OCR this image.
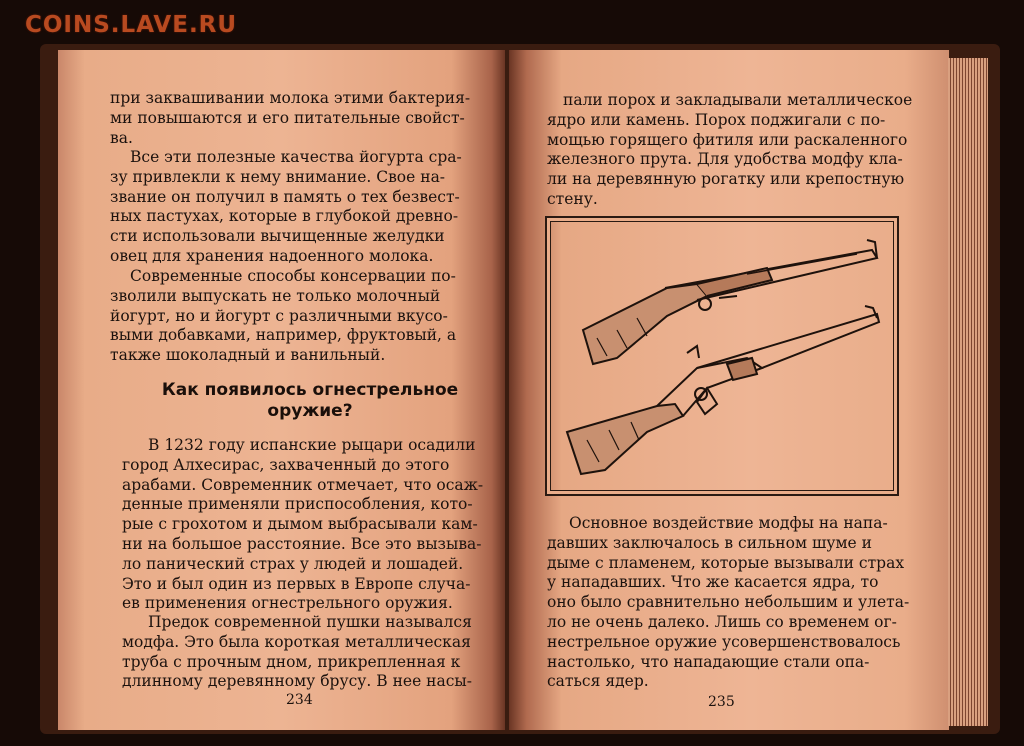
COINS.LAVE.RU
при заквашивании молока этими бактерия-
ми повышаются и его питательные свойст-
ва.
Все эти полезные качества йогурта сра-
зу привлекли к нему внимание. Свое на-
звание он получил в память о тех безвест-
ных пастухах, которые в глубокой древно-
сти использовали вычищенные желудки
овец для хранения надоенного молока.
Современные способы консервации по-
зволили выпускать не только молочный
йогурт, но и йогурт с различными вкусо-
выми добавками, например, фруктовый, а
также шоколадный и ванильный.
Как появилось огнестрельное
оружие?
В 1232 году испанские рыцари осадили
город Алхесирас, захваченный до этого
арабами. Современник отмечает, что осаж-
денные применяли приспособления, кото-
рые с грохотом и дымом выбрасывали кам-
ни на большое расстояние. Все это вызыва-
ло панический страх у людей и лошадей.
Это и был один из первых в Европе случа-
ев применения огнестрельного оружия.
Предок современной пушки назывался
модфа. Это была короткая металлическая
труба с прочным дном, прикрепленная к
длинному деревянному брусу. В нее насы-
234
пали порох и закладывали металлическое
ядро или камень. Порох поджигали с по-
мощью горящего фитиля или раскаленного
железного прута. Для удобства модфу кла-
ли на деревянную рогатку или крепостную
стену.
Основное воздействие модфы на напа-
давших заключалось в сильном шуме и
дыме с пламенем, которые вызывали страх
у нападавших. Что же касается ядра, то
оно было сравнительно небольшим и улета-
ло не очень далеко. Лишь со временем ог-
нестрельное оружие усовершенствовалось
настолько, что нападающие стали опа-
саться ядер.
235
